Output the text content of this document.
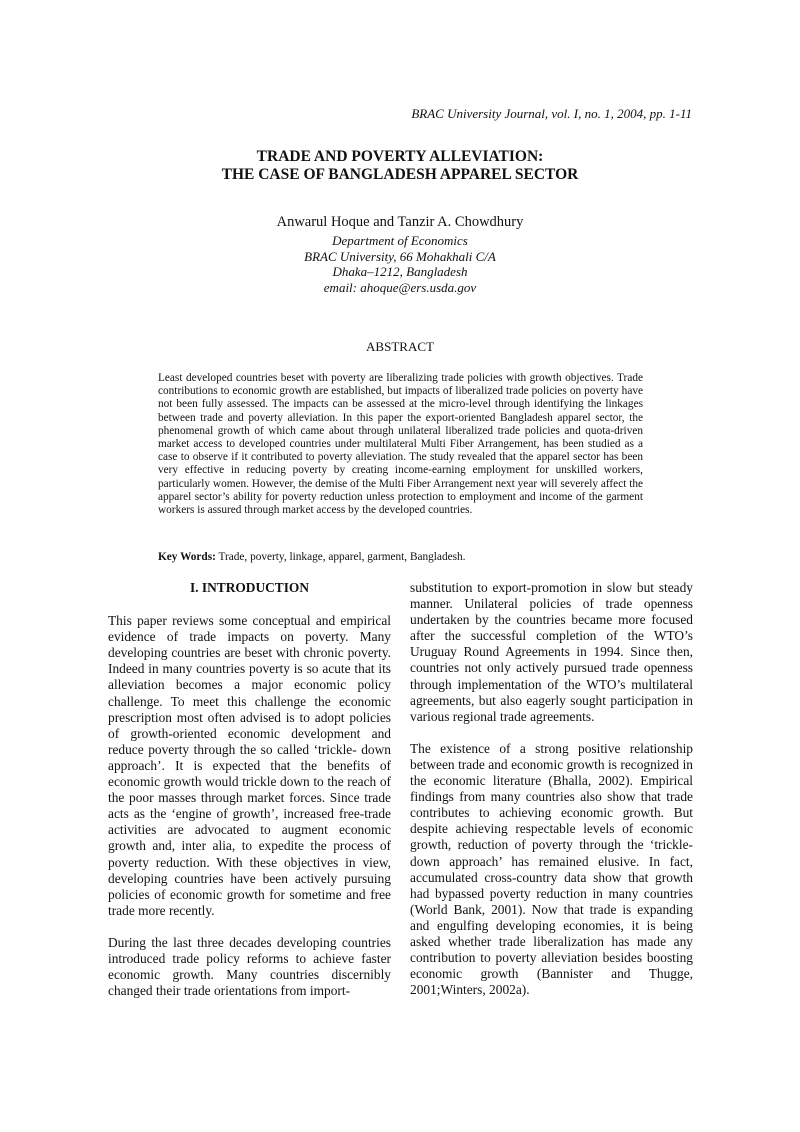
BRAC University Journal, vol. I, no. 1, 2004, pp. 1-11
TRADE AND POVERTY ALLEVIATION:
THE CASE OF BANGLADESH APPAREL SECTOR
Anwarul Hoque and Tanzir A. Chowdhury
Department of Economics
BRAC University, 66 Mohakhali C/A
Dhaka–1212, Bangladesh
email: ahoque@ers.usda.gov
ABSTRACT
Least developed countries beset with poverty are liberalizing trade policies with growth objectives. Trade contributions to economic growth are established, but impacts of liberalized trade policies on poverty have not been fully assessed. The impacts can be assessed at the micro-level through identifying the linkages between trade and poverty alleviation. In this paper the export-oriented Bangladesh apparel sector, the phenomenal growth of which came about through unilateral liberalized trade policies and quota-driven market access to developed countries under multilateral Multi Fiber Arrangement, has been studied as a case to observe if it contributed to poverty alleviation. The study revealed that the apparel sector has been very effective in reducing poverty by creating income-earning employment for unskilled workers, particularly women. However, the demise of the Multi Fiber Arrangement next year will severely affect the apparel sector’s ability for poverty reduction unless protection to employment and income of the garment workers is assured through market access by the developed countries.
Key Words: Trade, poverty, linkage, apparel, garment, Bangladesh.
I. INTRODUCTION

This paper reviews some conceptual and empirical evidence of trade impacts on poverty. Many developing countries are beset with chronic poverty. Indeed in many countries poverty is so acute that its alleviation becomes a major economic policy challenge. To meet this challenge the economic prescription most often advised is to adopt policies of growth-oriented economic development and reduce poverty through the so called ‘trickle- down approach’. It is expected that the benefits of economic growth would trickle down to the reach of the poor masses through market forces. Since trade acts as the ‘engine of growth’, increased free-trade activities are advocated to augment economic growth and, inter alia, to expedite the process of poverty reduction. With these objectives in view, developing countries have been actively pursuing policies of economic growth for sometime and free trade more recently.

During the last three decades developing countries introduced trade policy reforms to achieve faster economic growth. Many countries discernibly changed their trade orientations from import-

substitution to export-promotion in slow but steady manner. Unilateral policies of trade openness undertaken by the countries became more focused after the successful completion of the WTO’s Uruguay Round Agreements in 1994. Since then, countries not only actively pursued trade openness through implementation of the WTO’s multilateral agreements, but also eagerly sought participation in various regional trade agreements.

The existence of a strong positive relationship between trade and economic growth is recognized in the economic literature (Bhalla, 2002). Empirical findings from many countries also show that trade contributes to achieving economic growth. But despite achieving respectable levels of economic growth, reduction of poverty through the ‘trickle-down approach’ has remained elusive. In fact, accumulated cross-country data show that growth had bypassed poverty reduction in many countries (World Bank, 2001). Now that trade is expanding and engulfing developing economies, it is being asked whether trade liberalization has made any contribution to poverty alleviation besides boosting economic growth (Bannister and Thugge, 2001;Winters, 2002a).
